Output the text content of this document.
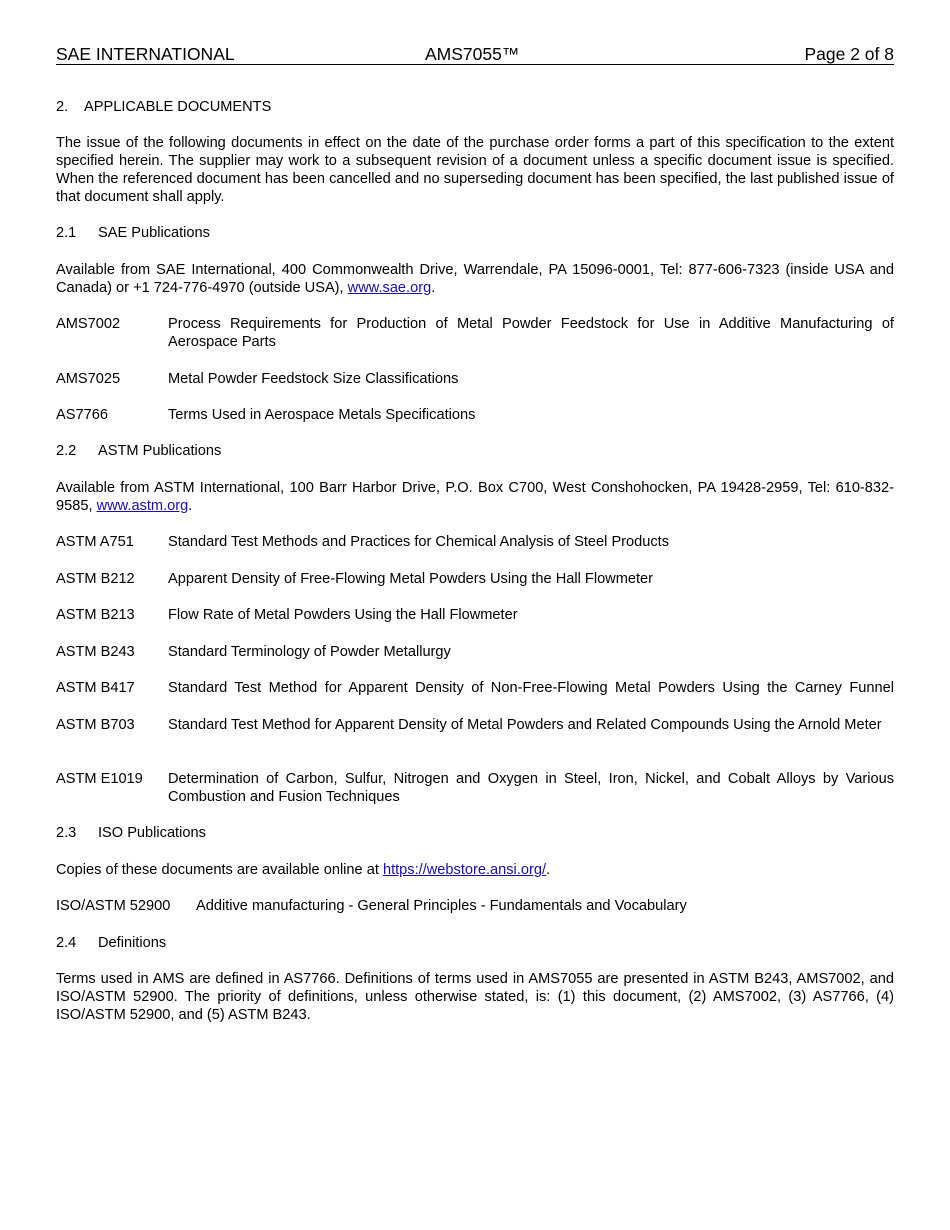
SAE INTERNATIONAL	AMS7055™	Page 2 of 8
2. APPLICABLE DOCUMENTS

The issue of the following documents in effect on the date of the purchase order forms a part of this specification to the extent specified herein. The supplier may work to a subsequent revision of a document unless a specific document issue is specified. When the referenced document has been cancelled and no superseding document has been specified, the last published issue of that document shall apply.

2.1 SAE Publications

Available from SAE International, 400 Commonwealth Drive, Warrendale, PA 15096-0001, Tel: 877-606-7323 (inside USA and Canada) or +1 724-776-4970 (outside USA), www.sae.org.

AMS7002	Process Requirements for Production of Metal Powder Feedstock for Use in Additive Manufacturing of Aerospace Parts
AMS7025	Metal Powder Feedstock Size Classifications
AS7766	Terms Used in Aerospace Metals Specifications
2.2 ASTM Publications

Available from ASTM International, 100 Barr Harbor Drive, P.O. Box C700, West Conshohocken, PA 19428-2959, Tel: 610-832-9585, www.astm.org.

ASTM A751 Standard Test Methods and Practices for Chemical Analysis of Steel Products
ASTM B212 Apparent Density of Free-Flowing Metal Powders Using the Hall Flowmeter
ASTM B213 Flow Rate of Metal Powders Using the Hall Flowmeter
ASTM B243 Standard Terminology of Powder Metallurgy
ASTM B417 Standard Test Method for Apparent Density of Non-Free-Flowing Metal Powders Using the Carney Funnel
ASTM B703 Standard Test Method for Apparent Density of Metal Powders and Related Compounds Using the Arnold Meter
ASTM E1019 Determination of Carbon, Sulfur, Nitrogen and Oxygen in Steel, Iron, Nickel, and Cobalt Alloys by Various Combustion and Fusion Techniques
2.3 ISO Publications

Copies of these documents are available online at https://webstore.ansi.org/.

ISO/ASTM 52900 Additive manufacturing - General Principles - Fundamentals and Vocabulary
2.4 Definitions

Terms used in AMS are defined in AS7766. Definitions of terms used in AMS7055 are presented in ASTM B243, AMS7002, and ISO/ASTM 52900. The priority of definitions, unless otherwise stated, is: (1) this document, (2) AMS7002, (3) AS7766, (4) ISO/ASTM 52900, and (5) ASTM B243.
